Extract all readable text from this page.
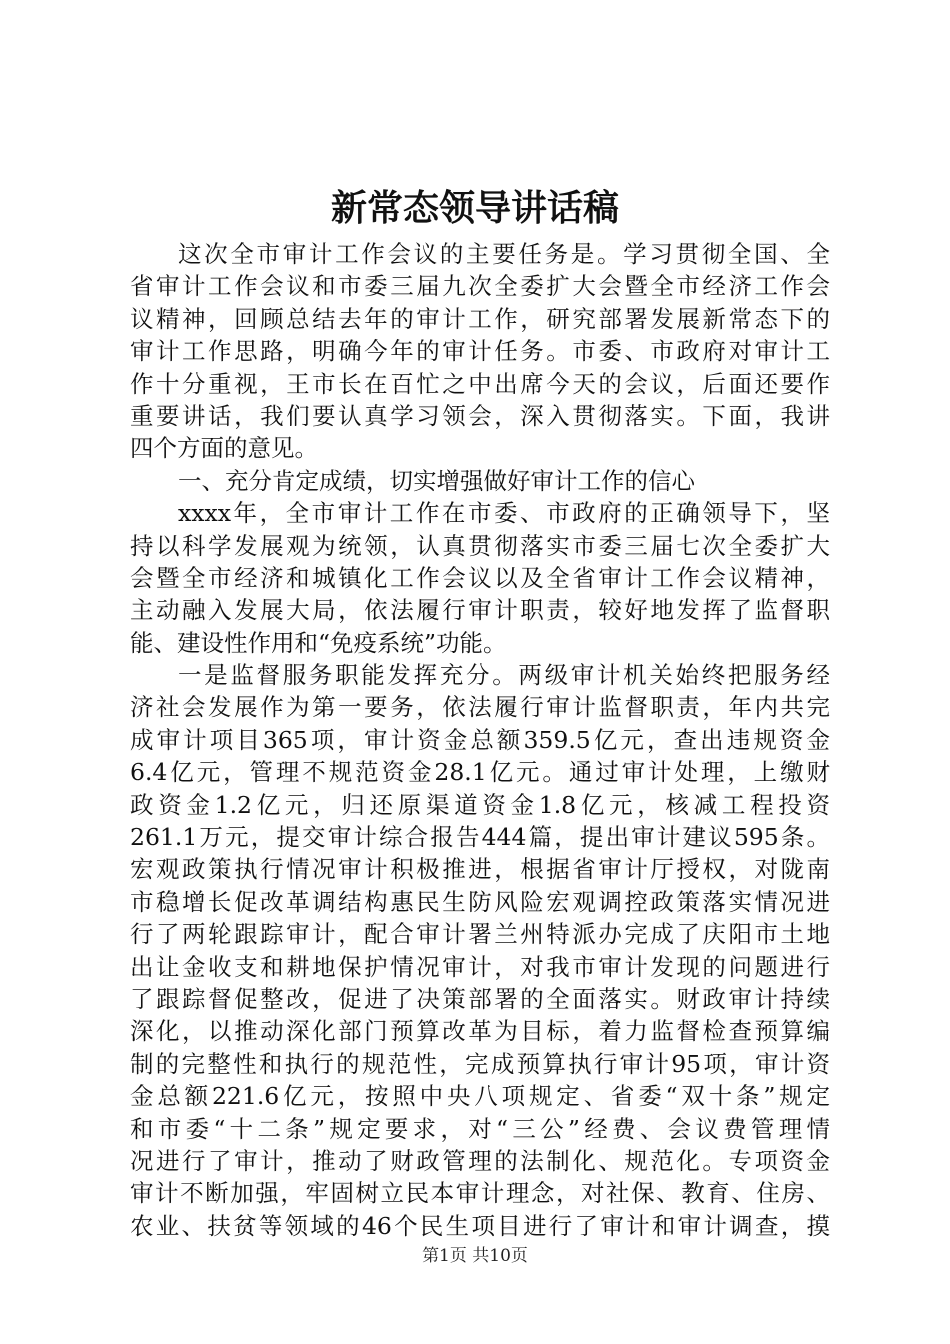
新常态领导讲话稿
这次全市审计工作会议的主要任务是。学习贯彻全国、全
省审计工作会议和市委三届九次全委扩大会暨全市经济工作会
议精神，回顾总结去年的审计工作，研究部署发展新常态下的
审计工作思路，明确今年的审计任务。市委、市政府对审计工
作十分重视，王市长在百忙之中出席今天的会议，后面还要作
重要讲话，我们要认真学习领会，深入贯彻落实。下面，我讲
四个方面的意见。
一、充分肯定成绩，切实增强做好审计工作的信心
xxxx年，全市审计工作在市委、市政府的正确领导下，坚
持以科学发展观为统领，认真贯彻落实市委三届七次全委扩大
会暨全市经济和城镇化工作会议以及全省审计工作会议精神，
主动融入发展大局，依法履行审计职责，较好地发挥了监督职
能、建设性作用和“免疫系统”功能。
一是监督服务职能发挥充分。两级审计机关始终把服务经
济社会发展作为第一要务，依法履行审计监督职责，年内共完
成审计项目365项，审计资金总额359.5亿元，查出违规资金
6.4亿元，管理不规范资金28.1亿元。通过审计处理，上缴财
政资金1.2亿元，归还原渠道资金1.8亿元，核减工程投资
261.1万元，提交审计综合报告444篇，提出审计建议595条。
宏观政策执行情况审计积极推进，根据省审计厅授权，对陇南
市稳增长促改革调结构惠民生防风险宏观调控政策落实情况进
行了两轮跟踪审计，配合审计署兰州特派办完成了庆阳市土地
出让金收支和耕地保护情况审计，对我市审计发现的问题进行
了跟踪督促整改，促进了决策部署的全面落实。财政审计持续
深化，以推动深化部门预算改革为目标，着力监督检查预算编
制的完整性和执行的规范性，完成预算执行审计95项，审计资
金总额221.6亿元，按照中央八项规定、省委“双十条”规定
和市委“十二条”规定要求，对“三公”经费、会议费管理情
况进行了审计，推动了财政管理的法制化、规范化。专项资金
审计不断加强，牢固树立民本审计理念，对社保、教育、住房、
农业、扶贫等领域的46个民生项目进行了审计和审计调查，摸
第1页 共10页
